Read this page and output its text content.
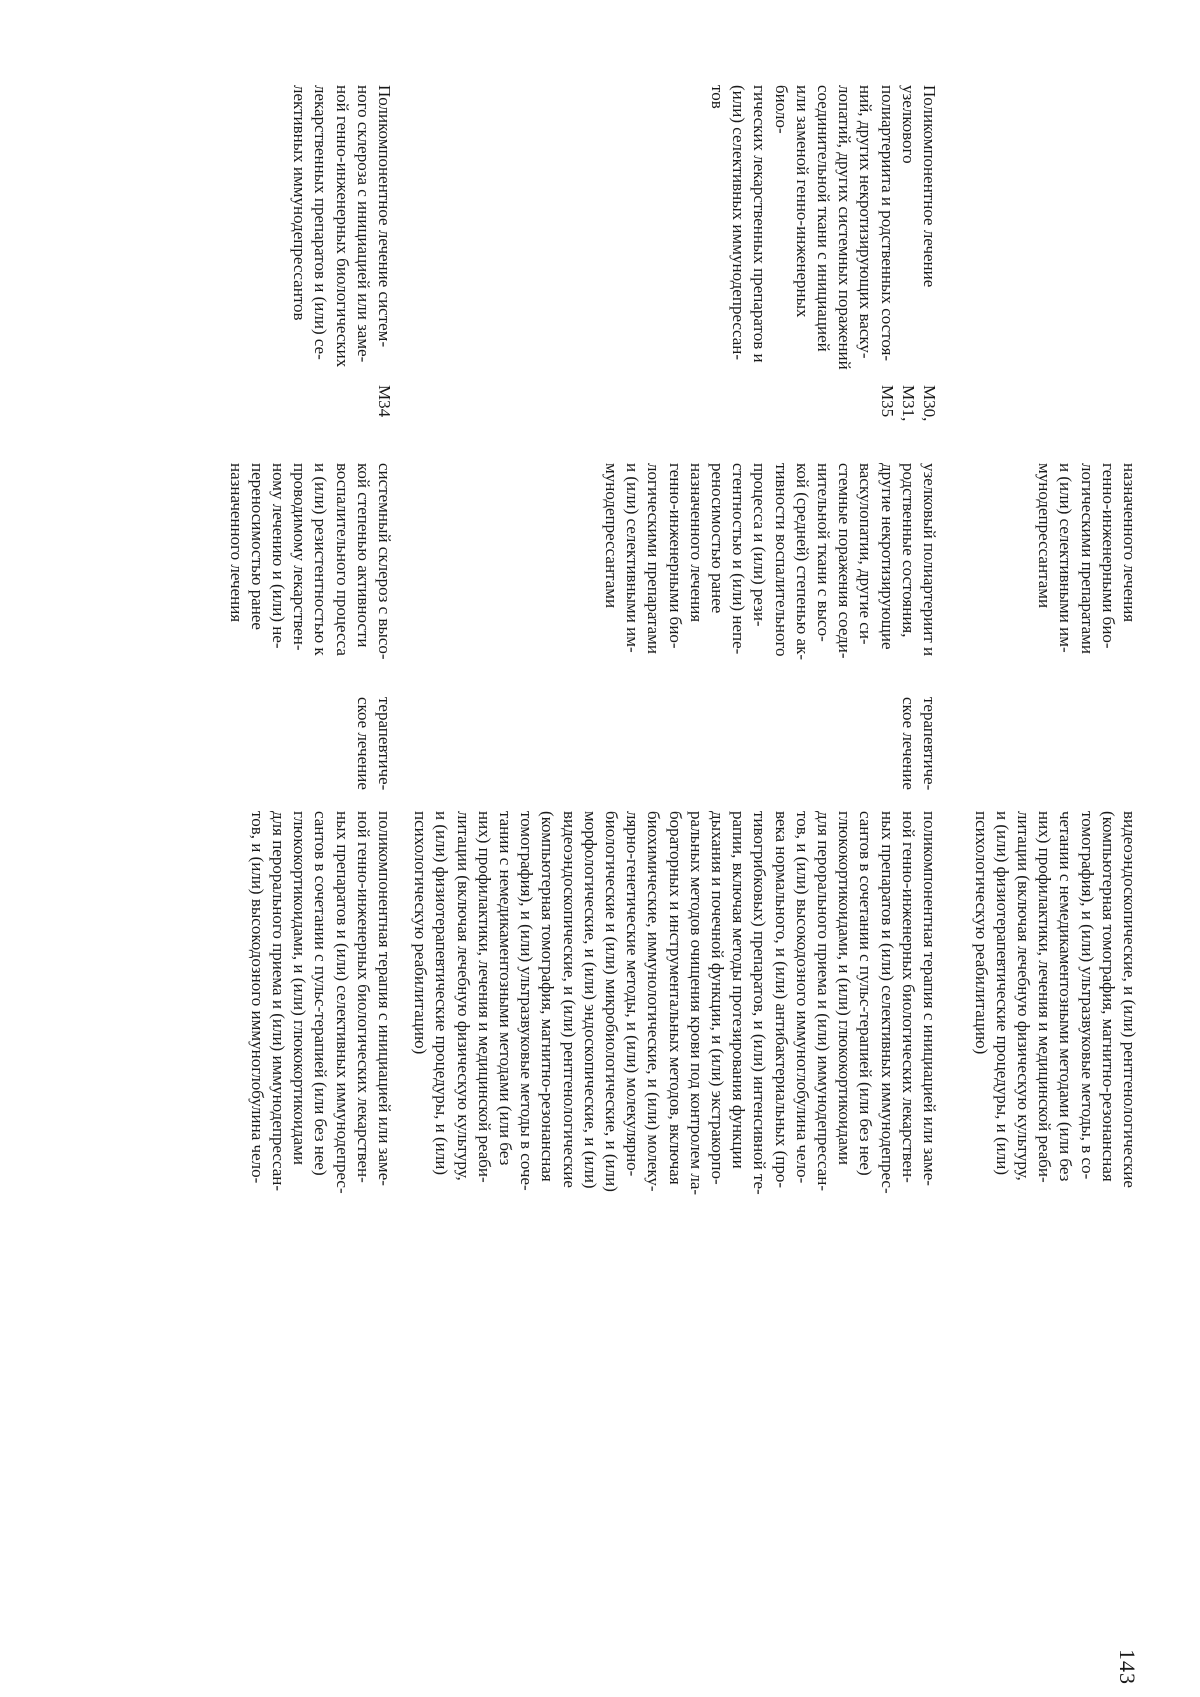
143
назначенного лечения
генно-инженерными био-
логическими препаратами
и (или) селективными им-
мунодепрессантами
видеоэндоскопические, и (или) рентгенологические
(компьютерная томография, магнитно-резонансная
томография), и (или) ультразвуковые методы, в со-
четании с немедикаментозными методами (или без
них) профилактики, лечения и медицинской реаби-
литации (включая лечебную физическую культуру,
и (или) физиотерапевтические процедуры, и (или)
психологическую реабилитацию)
Поликомпонентное лечение узелкового
полиартериита и родственных состоя-
ний, других некротизирующих васку-
лопатий, других системных поражений
соединительной ткани с инициацией
или заменой генно-инженерных биоло-
гических лекарственных препаратов и
(или) селективных иммунодепрессан-
тов
M30, M31,
M35
узелковый полиартериит и
родственные состояния,
другие некротизирующие
васкулопатии, другие си-
стемные поражения соеди-
нительной ткани с высо-
кой (средней) степенью ак-
тивности воспалительного
процесса и (или) рези-
стентностью и (или) непе-
реносимостью ранее
назначенного лечения
генно-инженерными био-
логическими препаратами
и (или) селективными им-
мунодепрессантами
терапевтиче-
ское лечение
поликомпонентная терапия с инициацией или заме-
ной генно-инженерных биологических лекарствен-
ных препаратов и (или) селективных иммунодепрес-
сантов в сочетании с пульс-терапией (или без нее)
глюкокортикоидами, и (или) глюкокортикоидами
для перорального приема и (или) иммунодепрессан-
тов, и (или) высокодозного иммуноглобулина чело-
века нормального, и (или) антибактериальных (про-
тивогрибковых) препаратов, и (или) интенсивной те-
рапии, включая методы протезирования функции
дыхания и почечной функции, и (или) экстракорпо-
ральных методов очищения крови под контролем ла-
бораторных и инструментальных методов, включая
биохимические, иммунологические, и (или) молеку-
лярно-генетические методы, и (или) молекулярно-
биологические и (или) микробиологические, и (или)
морфологические, и (или) эндоскопические, и (или)
видеоэндоскопические, и (или) рентгенологические
(компьютерная томография, магнитно-резонансная
томография), и (или) ультразвуковые методы в соче-
тании с немедикаментозными методами (или без
них) профилактики, лечения и медицинской реаби-
литации (включая лечебную физическую культуру,
и (или) физиотерапевтические процедуры, и (или)
психологическую реабилитацию)
Поликомпонентное лечение систем-
ного склероза с инициацией или заме-
ной генно-инженерных биологических
лекарственных препаратов и (или) се-
лективных иммунодепрессантов
M34
системный склероз с высо-
кой степенью активности
воспалительного процесса
и (или) резистентностью к
проводимому лекарствен-
ному лечению и (или) не-
переносимостью ранее
назначенного лечения
терапевтиче-
ское лечение
поликомпонентная терапия с инициацией или заме-
ной генно-инженерных биологических лекарствен-
ных препаратов и (или) селективных иммунодепрес-
сантов в сочетании с пульс-терапией (или без нее)
глюкокортикоидами, и (или) глюкокортикоидами
для перорального приема и (или) иммунодепрессан-
тов, и (или) высокодозного иммуноглобулина чело-
